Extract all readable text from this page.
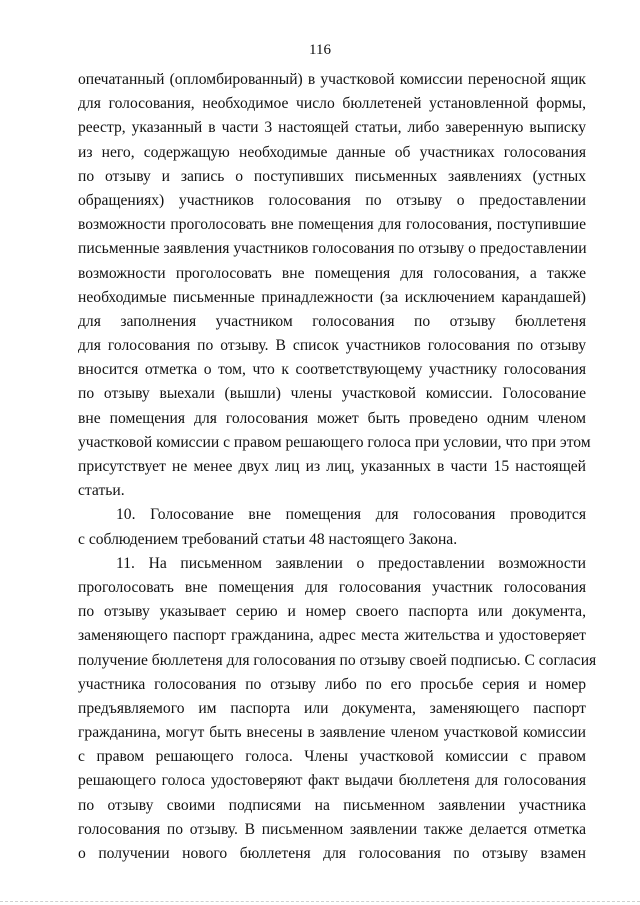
116
опечатанный (опломбированный) в участковой комиссии переносной ящик
для голосования, необходимое число бюллетеней установленной формы,
реестр, указанный в части 3 настоящей статьи, либо заверенную выписку
из него, содержащую необходимые данные об участниках голосования
по отзыву и запись о поступивших письменных заявлениях (устных
обращениях) участников голосования по отзыву о предоставлении
возможности проголосовать вне помещения для голосования, поступившие
письменные заявления участников голосования по отзыву о предоставлении
возможности проголосовать вне помещения для голосования, а также
необходимые письменные принадлежности (за исключением карандашей)
для заполнения участником голосования по отзыву бюллетеня
для голосования по отзыву. В список участников голосования по отзыву
вносится отметка о том, что к соответствующему участнику голосования
по отзыву выехали (вышли) члены участковой комиссии. Голосование
вне помещения для голосования может быть проведено одним членом
участковой комиссии с правом решающего голоса при условии, что при этом
присутствует не менее двух лиц из лиц, указанных в части 15 настоящей
статьи.
10. Голосование вне помещения для голосования проводится
с соблюдением требований статьи 48 настоящего Закона.
11. На письменном заявлении о предоставлении возможности
проголосовать вне помещения для голосования участник голосования
по отзыву указывает серию и номер своего паспорта или документа,
заменяющего паспорт гражданина, адрес места жительства и удостоверяет
получение бюллетеня для голосования по отзыву своей подписью. С согласия
участника голосования по отзыву либо по его просьбе серия и номер
предъявляемого им паспорта или документа, заменяющего паспорт
гражданина, могут быть внесены в заявление членом участковой комиссии
с правом решающего голоса. Члены участковой комиссии с правом
решающего голоса удостоверяют факт выдачи бюллетеня для голосования
по отзыву своими подписями на письменном заявлении участника
голосования по отзыву. В письменном заявлении также делается отметка
о получении нового бюллетеня для голосования по отзыву взамен
